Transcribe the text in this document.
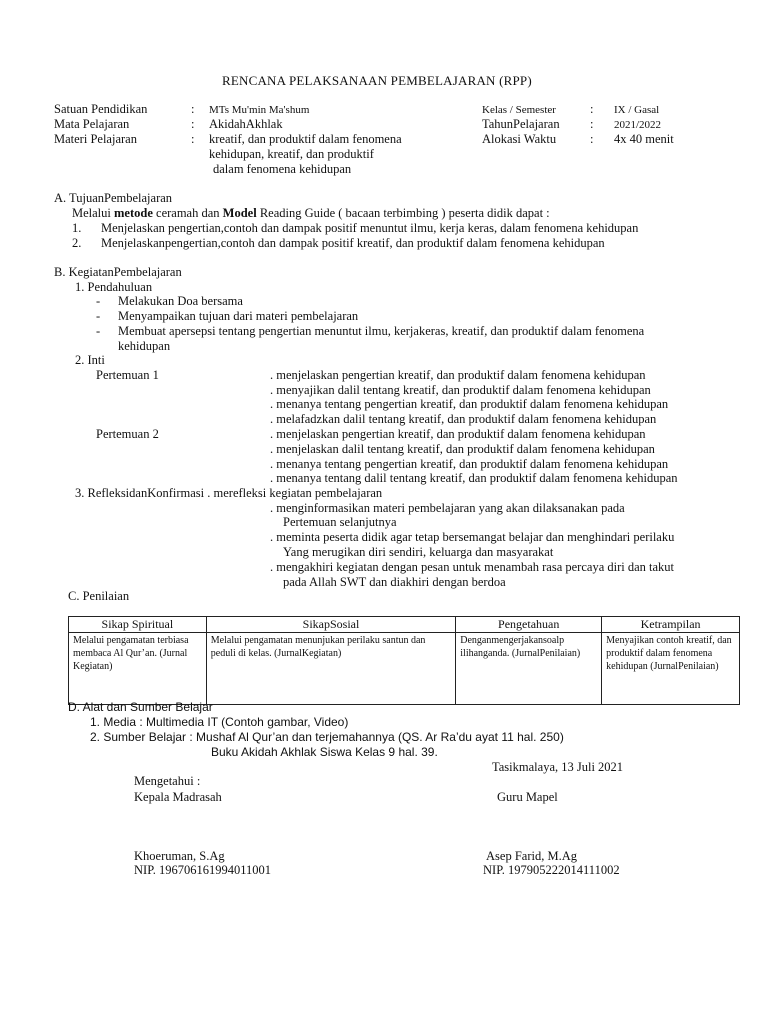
RENCANA PELAKSANAAN PEMBELAJARAN (RPP)
Satuan Pendidikan	: MTs Mu'min Ma'shum
Mata Pelajaran	: AkidahAkhlak
Materi Pelajaran	: kreatif, dan produktif dalam fenomena
kehidupan, kreatif, dan produktif
dalam fenomena kehidupan
Kelas / Semester	: IX / Gasal
TahunPelajaran : 2021/2022
Alokasi Waktu	: 4x 40 menit
A. TujuanPembelajaran
Melalui metode ceramah dan Model Reading Guide ( bacaan terbimbing ) peserta didik dapat :
1. Menjelaskan pengertian,contoh dan dampak positif menuntut ilmu, kerja keras, dalam fenomena kehidupan
2. Menjelaskanpengertian,contoh dan dampak positif kreatif, dan produktif dalam fenomena kehidupan
B. KegiatanPembelajaran
1. Pendahuluan
- Melakukan Doa bersama
- Menyampaikan tujuan dari materi pembelajaran
- Membuat apersepsi tentang pengertian menuntut ilmu, kerjakeras, kreatif, dan produktif dalam fenomena
kehidupan
2. Inti
Pertemuan 1	. menjelaskan pengertian kreatif, dan produktif dalam fenomena kehidupan
. menyajikan dalil tentang kreatif, dan produktif dalam fenomena kehidupan
. menanya tentang pengertian kreatif, dan produktif dalam fenomena kehidupan
. melafadzkan dalil tentang kreatif, dan produktif dalam fenomena kehidupan
Pertemuan 2	. menjelaskan pengertian kreatif, dan produktif dalam fenomena kehidupan
. menjelaskan dalil tentang kreatif, dan produktif dalam fenomena kehidupan
. menanya tentang pengertian kreatif, dan produktif dalam fenomena kehidupan
. menanya tentang dalil tentang kreatif, dan produktif dalam fenomena kehidupan
3. RefleksidanKonfirmasi . merefleksi kegiatan pembelajaran
. menginformasikan materi pembelajaran yang akan dilaksanakan pada
Pertemuan selanjutnya
. meminta peserta didik agar tetap bersemangat belajar dan menghindari perilaku
Yang merugikan diri sendiri, keluarga dan masyarakat
. mengakhiri kegiatan dengan pesan untuk menambah rasa percaya diri dan takut
pada Allah SWT dan diakhiri dengan berdoa
C. Penilaian
Sikap Spiritual	SikapSosial	Pengetahuan	Ketrampilan
Melalui pengamatan terbiasa membaca Al Qur’an. (Jurnal Kegiatan)	Melalui pengamatan menunjukan perilaku santun dan peduli di kelas. (JurnalKegiatan)	Denganmengerjakansoalp ilihanganda. (JurnalPenilaian)	Menyajikan contoh kreatif, dan produktif dalam fenomena kehidupan (JurnalPenilaian)
D. Alat dan Sumber Belajar
1. Media : Multimedia IT (Contoh gambar, Video)
2. Sumber Belajar : Mushaf Al Qur’an dan terjemahannya (QS. Ar Ra’du ayat 11 hal. 250)
Buku Akidah Akhlak Siswa Kelas 9 hal. 39.
Tasikmalaya, 13 Juli 2021
Mengetahui :
Kepala Madrasah	Guru Mapel
Khoeruman, S.Ag
NIP. 196706161994011001
Asep Farid, M.Ag
NIP. 197905222014111002
